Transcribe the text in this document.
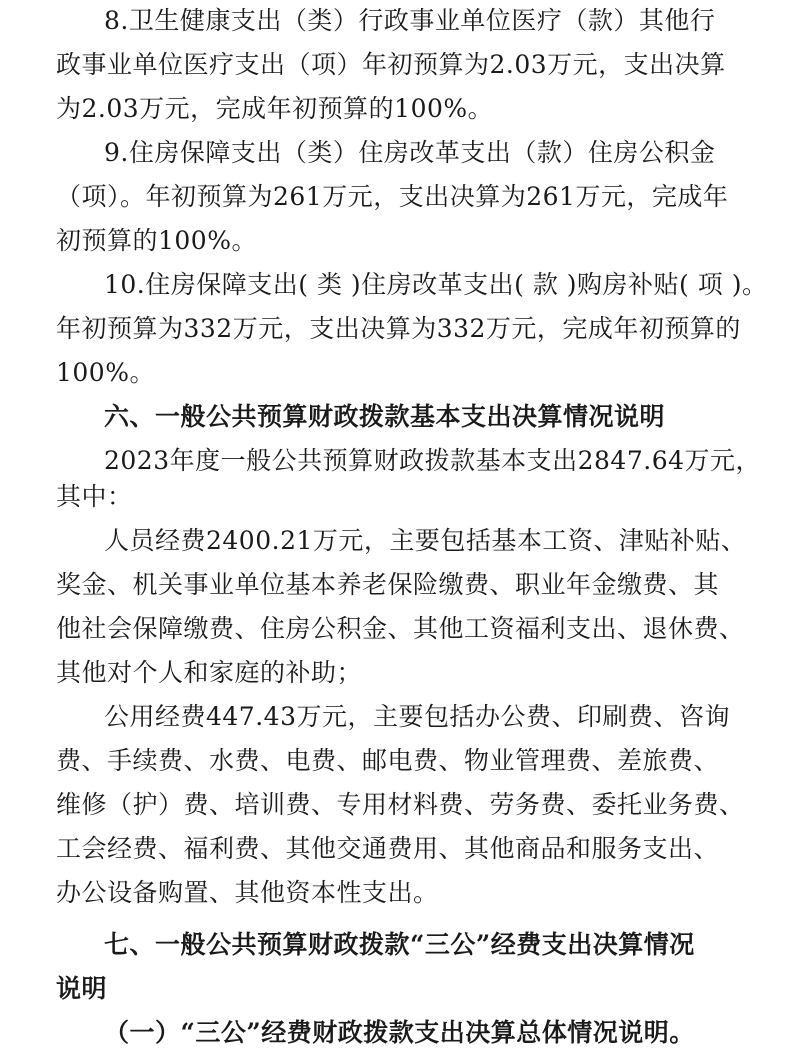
8.卫生健康支出（类）行政事业单位医疗（款）其他行
政事业单位医疗支出（项）年初预算为2.03万元，支出决算
为2.03万元，完成年初预算的100%。
9.住房保障支出（类）住房改革支出（款）住房公积金
（项）。年初预算为261万元，支出决算为261万元，完成年
初预算的100%。
10.住房保障支出( 类 )住房改革支出( 款 )购房补贴( 项 )。
年初预算为332万元，支出决算为332万元，完成年初预算的
100%。
六、一般公共预算财政拨款基本支出决算情况说明
2023年度一般公共预算财政拨款基本支出2847.64万元，
其中：
人员经费2400.21万元，主要包括基本工资、津贴补贴、
奖金、机关事业单位基本养老保险缴费、职业年金缴费、其
他社会保障缴费、住房公积金、其他工资福利支出、退休费、
其他对个人和家庭的补助；
公用经费447.43万元，主要包括办公费、印刷费、咨询
费、手续费、水费、电费、邮电费、物业管理费、差旅费、
维修（护）费、培训费、专用材料费、劳务费、委托业务费、
工会经费、福利费、其他交通费用、其他商品和服务支出、
办公设备购置、其他资本性支出。
七、一般公共预算财政拨款“三公”经费支出决算情况
说明
（一）“三公”经费财政拨款支出决算总体情况说明。
